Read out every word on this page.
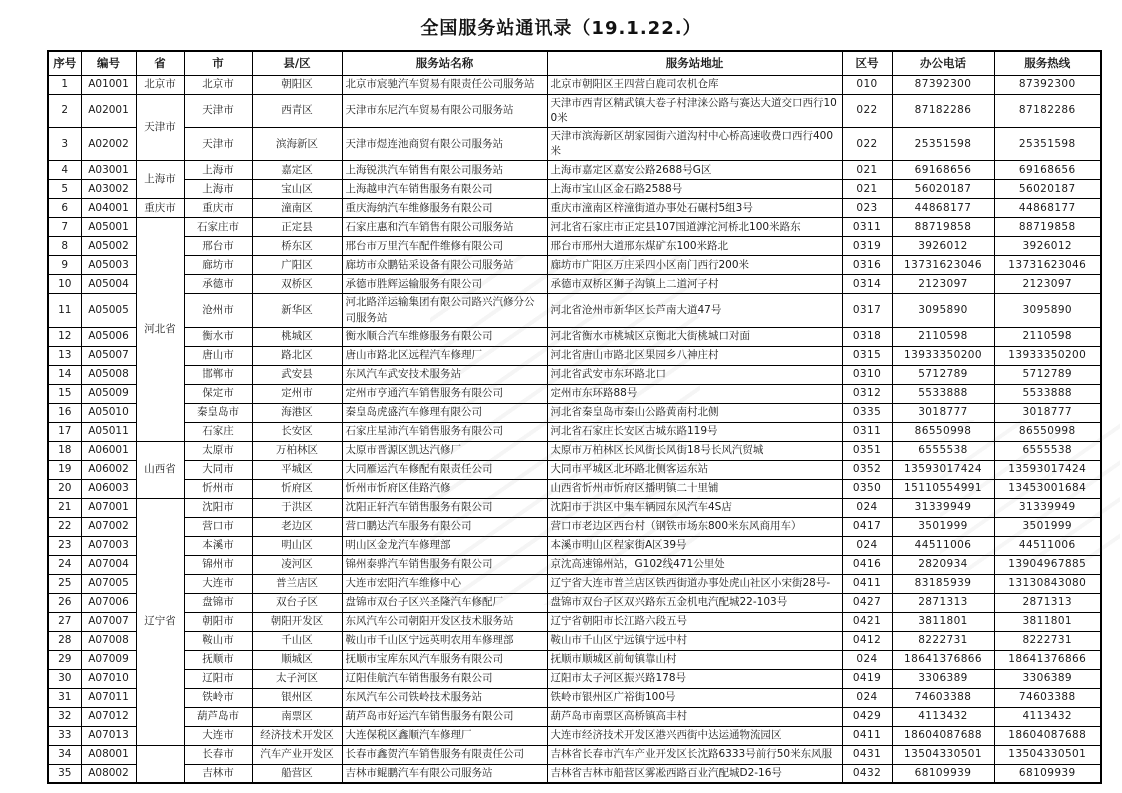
全国服务站通讯录（19.1.22.）
序号	编号	省	市	县/区	服务站名称	服务站地址	区号	办公电话	服务热线
1	A01001	北京市	北京市	朝阳区	北京市宸驰汽车贸易有限责任公司服务站	北京市朝阳区王四营白鹿司农机仓库	010	87392300	87392300
2	A02001	天津市	天津市	西青区	天津市东尼汽车贸易有限公司服务站	天津市西青区精武镇大卷子村津涞公路与赛达大道交口西行100米	022	87182286	87182286
3	A02002		天津市	滨海新区	天津市煜连池商贸有限公司服务站	天津市滨海新区胡家园街六道沟村中心桥高速收费口西行400米	022	25351598	25351598
4	A03001	上海市	上海市	嘉定区	上海锐洪汽车销售有限公司服务站	上海市嘉定区嘉安公路2688号G区	021	69168656	69168656
5	A03002		上海市	宝山区	上海越申汽车销售服务有限公司	上海市宝山区金石路2588号	021	56020187	56020187
6	A04001	重庆市	重庆市	潼南区	重庆海纳汽车维修服务有限公司	重庆市潼南区梓潼街道办事处石碾村5组3号	023	44868177	44868177
7	A05001	河北省	石家庄市	正定县	石家庄惠和汽车销售有限公司服务站	河北省石家庄市正定县107国道滹沱河桥北100米路东	0311	88719858	88719858
8	A05002		邢台市	桥东区	邢台市万里汽车配件维修有限公司	邢台市邢州大道邢东煤矿东100米路北	0319	3926012	3926012
9	A05003		廊坊市	广阳区	廊坊市众鹏钻采设备有限公司服务站	廊坊市广阳区万庄采四小区南门西行200米	0316	13731623046	13731623046
10	A05004		承德市	双桥区	承德市胜辉运输服务有限公司	承德市双桥区狮子沟镇上二道河子村	0314	2123097	2123097
11	A05005		沧州市	新华区	河北路洋运输集团有限公司路兴汽修分公司服务站	河北省沧州市新华区长芦南大道47号	0317	3095890	3095890
12	A05006		衡水市	桃城区	衡水顺合汽车维修服务有限公司	河北省衡水市桃城区京衡北大街桃城口对面	0318	2110598	2110598
13	A05007		唐山市	路北区	唐山市路北区远程汽车修理厂	河北省唐山市路北区果园乡八神庄村	0315	13933350200	13933350200
14	A05008		邯郸市	武安县	东风汽车武安技术服务站	河北省武安市东环路北口	0310	5712789	5712789
15	A05009		保定市	定州市	定州市亨通汽车销售服务有限公司	定州市东环路88号	0312	5533888	5533888
16	A05010		秦皇岛市	海港区	秦皇岛虎盛汽车修理有限公司	河北省秦皇岛市秦山公路黄南村北侧	0335	3018777	3018777
17	A05011		石家庄	长安区	石家庄星沛汽车销售服务有限公司	河北省石家庄长安区古城东路119号	0311	86550998	86550998
18	A06001	山西省	太原市	万柏林区	太原市晋源区凯达汽修厂	太原市万柏林区长风街长风街18号长风汽贸城	0351	6555538	6555538
19	A06002		大同市	平城区	大同雁运汽车修配有限责任公司	大同市平城区北环路北侧客运东站	0352	13593017424	13593017424
20	A06003		忻州市	忻府区	忻州市忻府区佳路汽修	山西省忻州市忻府区播明镇二十里铺	0350	15110554991	13453001684
21	A07001	辽宁省	沈阳市	于洪区	沈阳正轩汽车销售服务有限公司	沈阳市于洪区中集车辆园东风汽车4S店	024	31339949	31339949
22	A07002		营口市	老边区	营口鹏达汽车服务有限公司	营口市老边区西台村（钢铁市场东800米东风商用车）	0417	3501999	3501999
23	A07003		本溪市	明山区	明山区金龙汽车修理部	本溪市明山区程家街A区39号	024	44511006	44511006
24	A07004		锦州市	凌河区	锦州泰骅汽车销售服务有限公司	京沈高速锦州站，G102线471公里处	0416	2820934	13904967885
25	A07005		大连市	普兰店区	大连市宏阳汽车维修中心	辽宁省大连市普兰店区铁西街道办事处虎山社区小宋街28号-	0411	83185939	13130843080
26	A07006		盘锦市	双台子区	盘锦市双台子区兴圣隆汽车修配厂	盘锦市双台子区双兴路东五金机电汽配城22-103号	0427	2871313	2871313
27	A07007		朝阳市	朝阳开发区	东风汽车公司朝阳开发区技术服务站	辽宁省朝阳市长江路六段五号	0421	3811801	3811801
28	A07008		鞍山市	千山区	鞍山市千山区宁远英明农用车修理部	鞍山市千山区宁远镇宁远中村	0412	8222731	8222731
29	A07009		抚顺市	顺城区	抚顺市宝库东风汽车服务有限公司	抚顺市顺城区前甸镇靠山村	024	18641376866	18641376866
30	A07010		辽阳市	太子河区	辽阳佳航汽车销售服务有限公司	辽阳市太子河区振兴路178号	0419	3306389	3306389
31	A07011		铁岭市	银州区	东风汽车公司铁岭技术服务站	铁岭市银州区广裕街100号	024	74603388	74603388
32	A07012		葫芦岛市	南票区	葫芦岛市好运汽车销售服务有限公司	葫芦岛市南票区高桥镇高丰村	0429	4113432	4113432
33	A07013		大连市	经济技术开发区	大连保税区鑫顺汽车修理厂	大连市经济技术开发区港兴西街中达运通物流园区	0411	18604087688	18604087688
34	A08001		长春市	汽车产业开发区	长春市鑫贺汽车销售服务有限责任公司	吉林省长春市汽车产业开发区长沈路6333号前行50米东风服	0431	13504330501	13504330501
35	A08002		吉林市	船营区	吉林市鲲鹏汽车有限公司服务站	吉林省吉林市船营区雾凇西路百业汽配城D2-16号	0432	68109939	68109939
